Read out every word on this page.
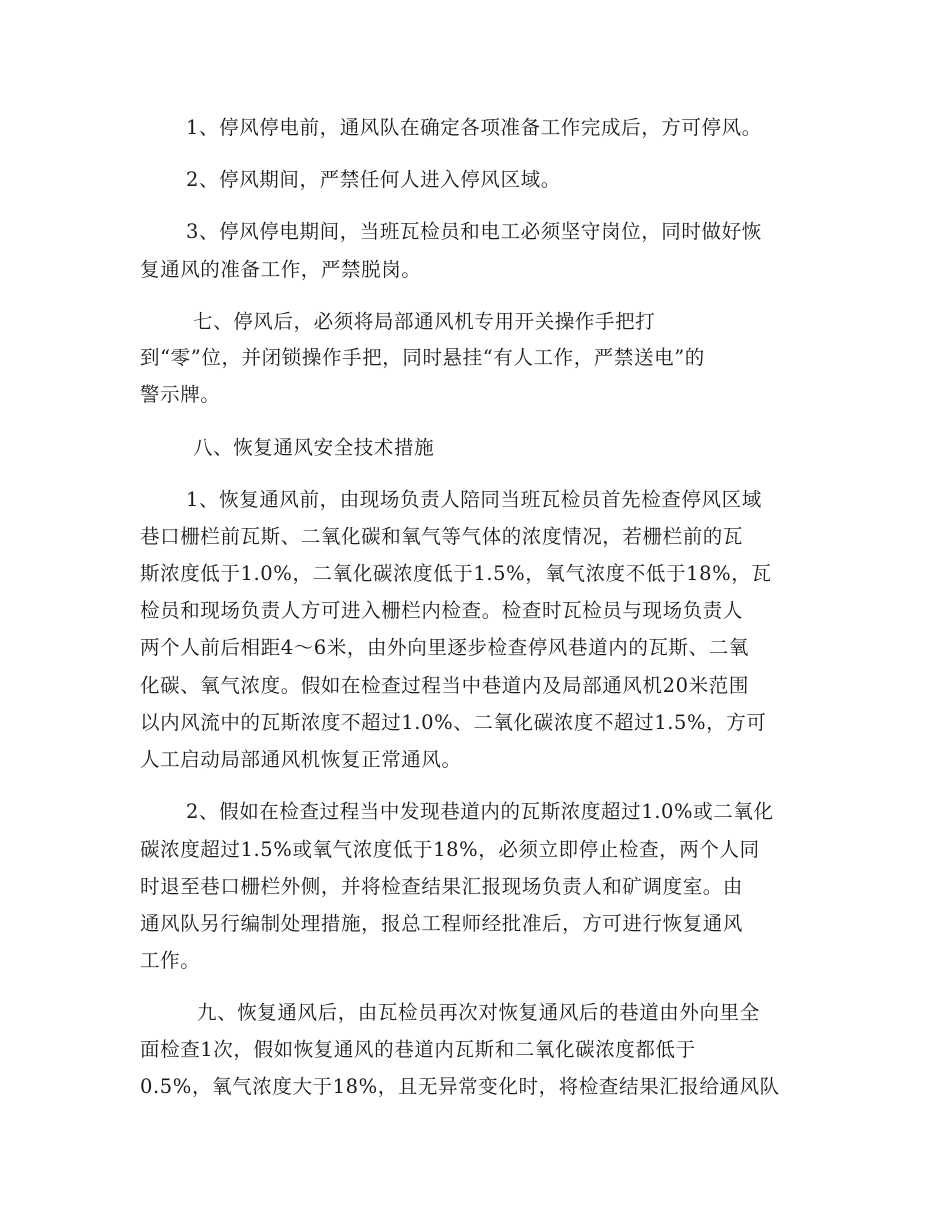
1、停风停电前，通风队在确定各项准备工作完成后，方可停风。
2、停风期间，严禁任何人进入停风区域。
3、停风停电期间，当班瓦检员和电工必须坚守岗位，同时做好恢
复通风的准备工作，严禁脱岗。
七、停风后，必须将局部通风机专用开关操作手把打
到“零”位，并闭锁操作手把，同时悬挂“有人工作，严禁送电”的
警示牌。
八、恢复通风安全技术措施
1、恢复通风前，由现场负责人陪同当班瓦检员首先检查停风区域
巷口栅栏前瓦斯、二氧化碳和氧气等气体的浓度情况，若栅栏前的瓦
斯浓度低于1.0%，二氧化碳浓度低于1.5%，氧气浓度不低于18%，瓦
检员和现场负责人方可进入栅栏内检查。检查时瓦检员与现场负责人
两个人前后相距4～6米，由外向里逐步检查停风巷道内的瓦斯、二氧
化碳、氧气浓度。假如在检查过程当中巷道内及局部通风机20米范围
以内风流中的瓦斯浓度不超过1.0%、二氧化碳浓度不超过1.5%，方可
人工启动局部通风机恢复正常通风。
2、假如在检查过程当中发现巷道内的瓦斯浓度超过1.0%或二氧化
碳浓度超过1.5%或氧气浓度低于18%，必须立即停止检查，两个人同
时退至巷口栅栏外侧，并将检查结果汇报现场负责人和矿调度室。由
通风队另行编制处理措施，报总工程师经批准后，方可进行恢复通风
工作。
九、恢复通风后，由瓦检员再次对恢复通风后的巷道由外向里全
面检查1次，假如恢复通风的巷道内瓦斯和二氧化碳浓度都低于
0.5%，氧气浓度大于18%，且无异常变化时，将检查结果汇报给通风队
